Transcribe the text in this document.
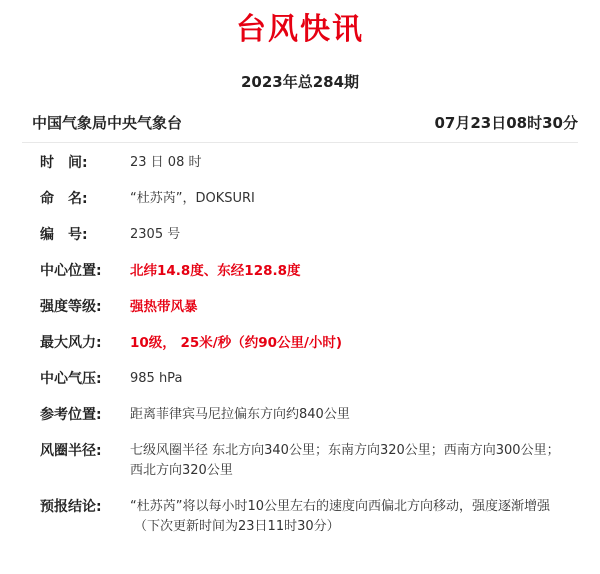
台风快讯
2023年总284期
中国气象局中央气象台	07月23日08时30分
时 间:	23 日 08 时
命 名:	“杜苏芮”，DOKSURI
编 号:	2305 号
中心位置:	北纬14.8度、东经128.8度
强度等级:	强热带风暴
最大风力:	10级， 25米/秒（约90公里/小时)
中心气压:	985 hPa
参考位置:	距离菲律宾马尼拉偏东方向约840公里
风圈半径:	七级风圈半径 东北方向340公里；东南方向320公里；西南方向300公里；西北方向320公里
预报结论:	“杜苏芮”将以每小时10公里左右的速度向西偏北方向移动，强度逐渐增强
（下次更新时间为23日11时30分）
